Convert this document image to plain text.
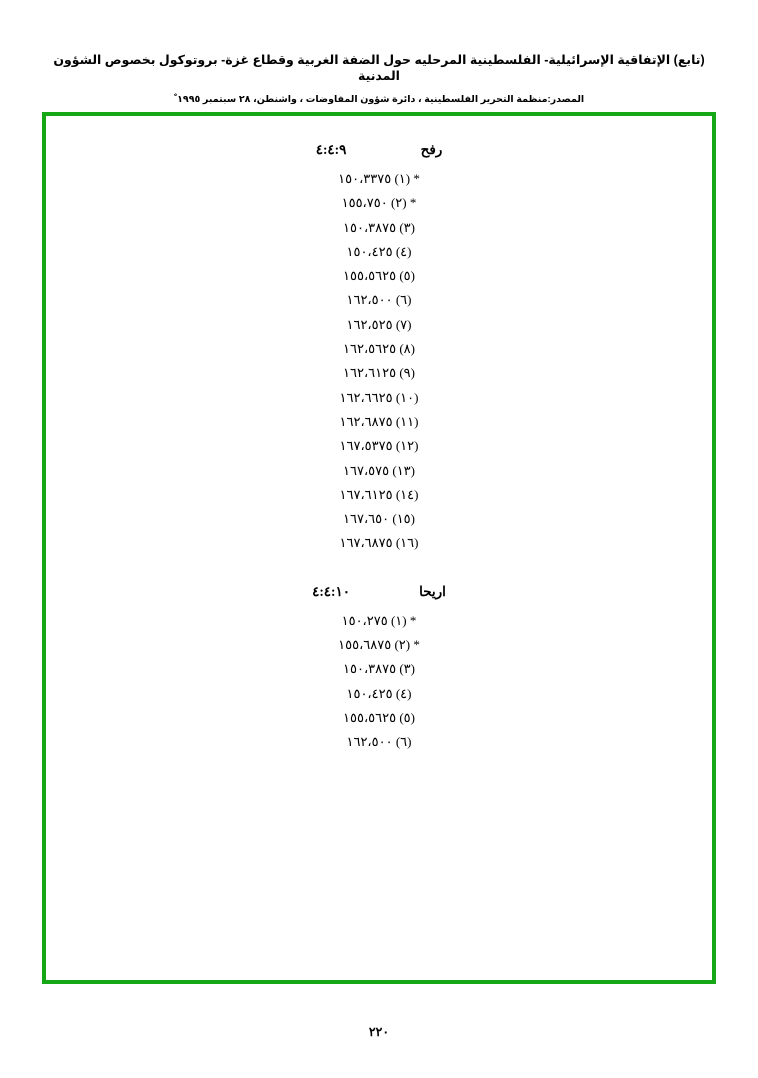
(تابع) الإتفاقية الإسرائيلية- الفلسطينية المرحليه حول الضفة الغربية وقطاع غزة- بروتوكول بخصوص الشؤون المدنية
المصدر:منظمة التحرير الفلسطينية ، دائرة شؤون المفاوضات ، واشنطن، ٢٨ سبتمبر ١٩٩٥ ْ
رفح ٤:٤:٩
* (١) ١٥٠،٣٣٧٥
* (٢) ١٥٥،٧٥٠
(٣) ١٥٠،٣٨٧٥
(٤) ١٥٠،٤٢٥
(٥) ١٥٥،٥٦٢٥
(٦) ١٦٢،٥٠٠
(٧) ١٦٢،٥٢٥
(٨) ١٦٢،٥٦٢٥
(٩) ١٦٢،٦١٢٥
(١٠) ١٦٢،٦٦٢٥
(١١) ١٦٢،٦٨٧٥
(١٢) ١٦٧،٥٣٧٥
(١٣) ١٦٧،٥٧٥
(١٤) ١٦٧،٦١٢٥
(١٥) ١٦٧،٦٥٠
(١٦) ١٦٧،٦٨٧٥
اريحا ٤:٤:١٠
* (١) ١٥٠،٢٧٥
* (٢) ١٥٥،٦٨٧٥
(٣) ١٥٠،٣٨٧٥
(٤) ١٥٠،٤٢٥
(٥) ١٥٥،٥٦٢٥
(٦) ١٦٢،٥٠٠
٢٢٠
